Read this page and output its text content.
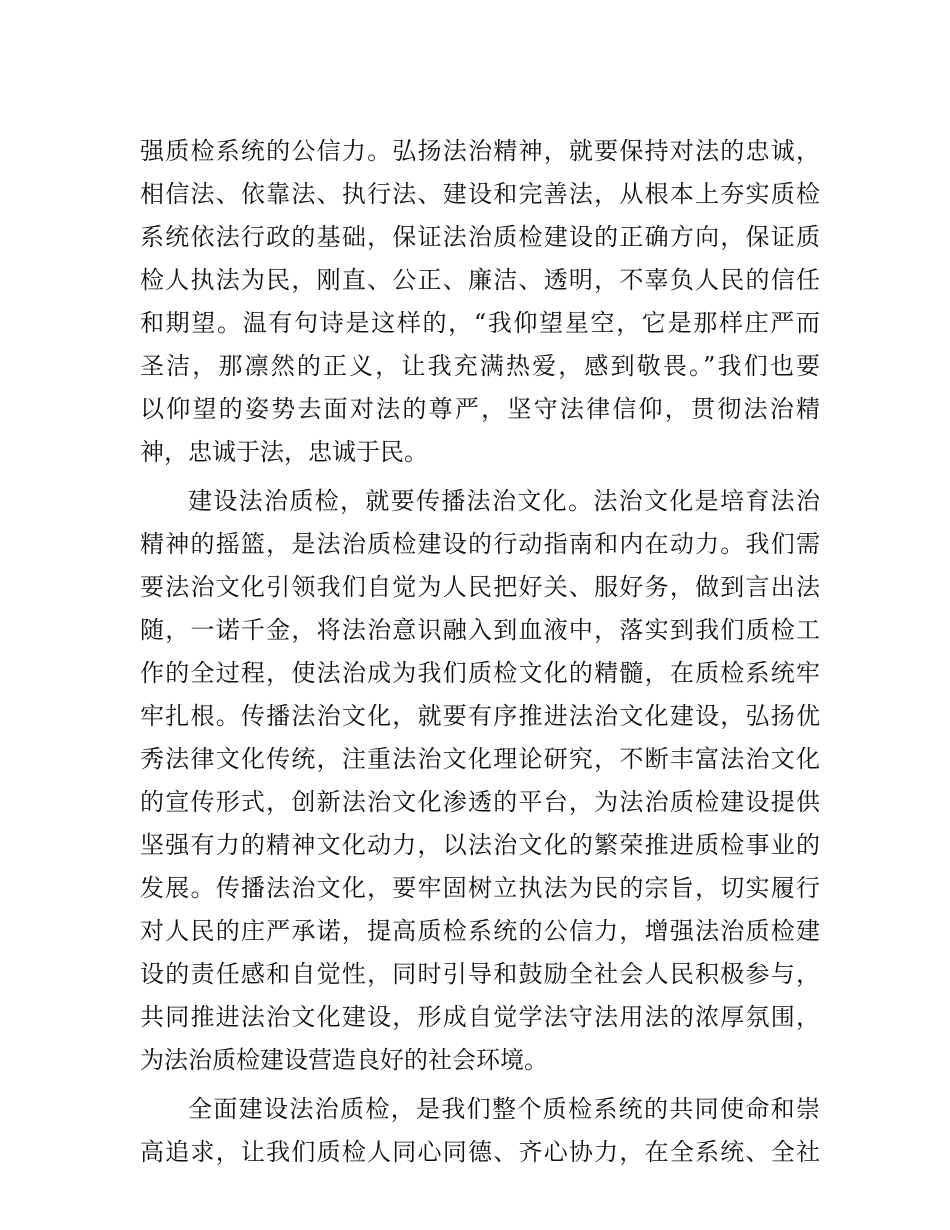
强质检系统的公信力。弘扬法治精神，就要保持对法的忠诚，
相信法、依靠法、执行法、建设和完善法，从根本上夯实质检
系统依法行政的基础，保证法治质检建设的正确方向，保证质
检人执法为民，刚直、公正、廉洁、透明，不辜负人民的信任
和期望。温有句诗是这样的，“我仰望星空，它是那样庄严而
圣洁，那凛然的正义，让我充满热爱，感到敬畏。”我们也要
以仰望的姿势去面对法的尊严，坚守法律信仰，贯彻法治精
神，忠诚于法，忠诚于民。
建设法治质检，就要传播法治文化。法治文化是培育法治
精神的摇篮，是法治质检建设的行动指南和内在动力。我们需
要法治文化引领我们自觉为人民把好关、服好务，做到言出法
随，一诺千金，将法治意识融入到血液中，落实到我们质检工
作的全过程，使法治成为我们质检文化的精髓，在质检系统牢
牢扎根。传播法治文化，就要有序推进法治文化建设，弘扬优
秀法律文化传统，注重法治文化理论研究，不断丰富法治文化
的宣传形式，创新法治文化渗透的平台，为法治质检建设提供
坚强有力的精神文化动力，以法治文化的繁荣推进质检事业的
发展。传播法治文化，要牢固树立执法为民的宗旨，切实履行
对人民的庄严承诺，提高质检系统的公信力，增强法治质检建
设的责任感和自觉性，同时引导和鼓励全社会人民积极参与，
共同推进法治文化建设，形成自觉学法守法用法的浓厚氛围，
为法治质检建设营造良好的社会环境。
全面建设法治质检，是我们整个质检系统的共同使命和崇
高追求，让我们质检人同心同德、齐心协力，在全系统、全社
